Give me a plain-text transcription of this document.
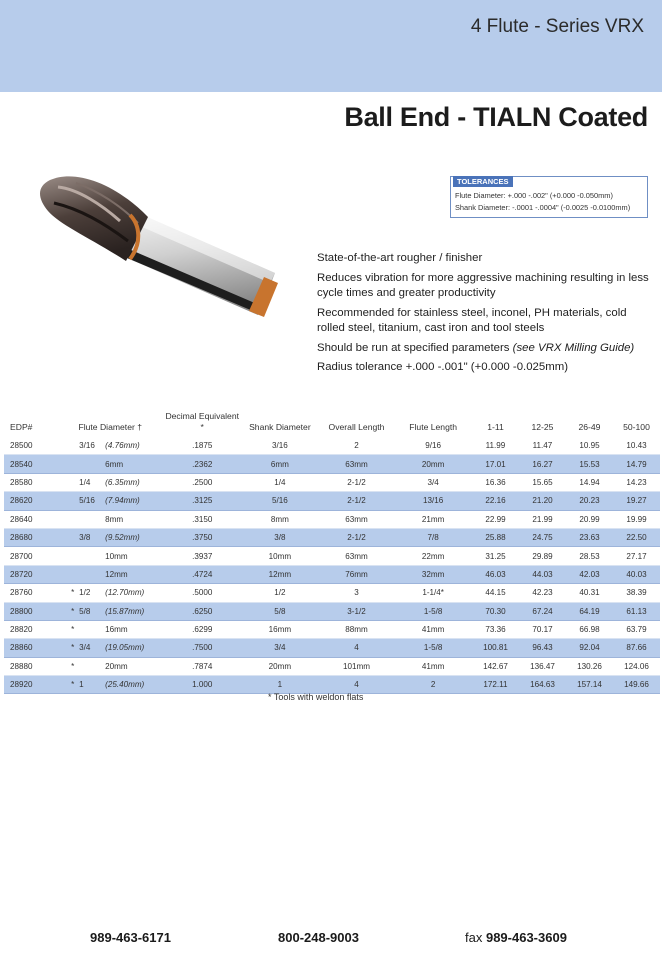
4 Flute - Series VRX
Ball End - TIALN Coated
TOLERANCES
Flute Diameter: +.000 -.002" (+0.000 -0.050mm)
Shank Diameter: -.0001 -.0004" (-0.0025 -0.0100mm)
State-of-the-art rougher / finisher
Reduces vibration for more aggressive machining resulting in less cycle times and greater productivity
Recommended for stainless steel, inconel, PH materials, cold rolled steel, titanium, cast iron and tool steels
Should be run at specified parameters (see VRX Milling Guide)
Radius tolerance +.000 -.001" (+0.000 -0.025mm)
EDP#	Flute Diameter †	Decimal Equivalent *	Shank Diameter	Overall Length	Flute Length	1-11	12-25	26-49	50-100
28500	3/16 (4.76mm)	.1875	3/16	2	9/16	11.99	11.47	10.95	10.43
28540	6mm	.2362	6mm	63mm	20mm	17.01	16.27	15.53	14.79
28580	1/4 (6.35mm)	.2500	1/4	2-1/2	3/4	16.36	15.65	14.94	14.23
28620	5/16 (7.94mm)	.3125	5/16	2-1/2	13/16	22.16	21.20	20.23	19.27
28640	8mm	.3150	8mm	63mm	21mm	22.99	21.99	20.99	19.99
28680	3/8 (9.52mm)	.3750	3/8	2-1/2	7/8	25.88	24.75	23.63	22.50
28700	10mm	.3937	10mm	63mm	22mm	31.25	29.89	28.53	27.17
28720	12mm	.4724	12mm	76mm	32mm	46.03	44.03	42.03	40.03
28760	* 1/2 (12.70mm)	.5000	1/2	3	1-1/4*	44.15	42.23	40.31	38.39
28800	* 5/8 (15.87mm)	.6250	5/8	3-1/2	1-5/8	70.30	67.24	64.19	61.13
28820	* 16mm	.6299	16mm	88mm	41mm	73.36	70.17	66.98	63.79
28860	* 3/4 (19.05mm)	.7500	3/4	4	1-5/8	100.81	96.43	92.04	87.66
28880	* 20mm	.7874	20mm	101mm	41mm	142.67	136.47	130.26	124.06
28920	* 1 (25.40mm)	1.000	1	4	2	172.11	164.63	157.14	149.66
* Tools with weldon flats
989-463-6171	800-248-9003	fax 989-463-3609
